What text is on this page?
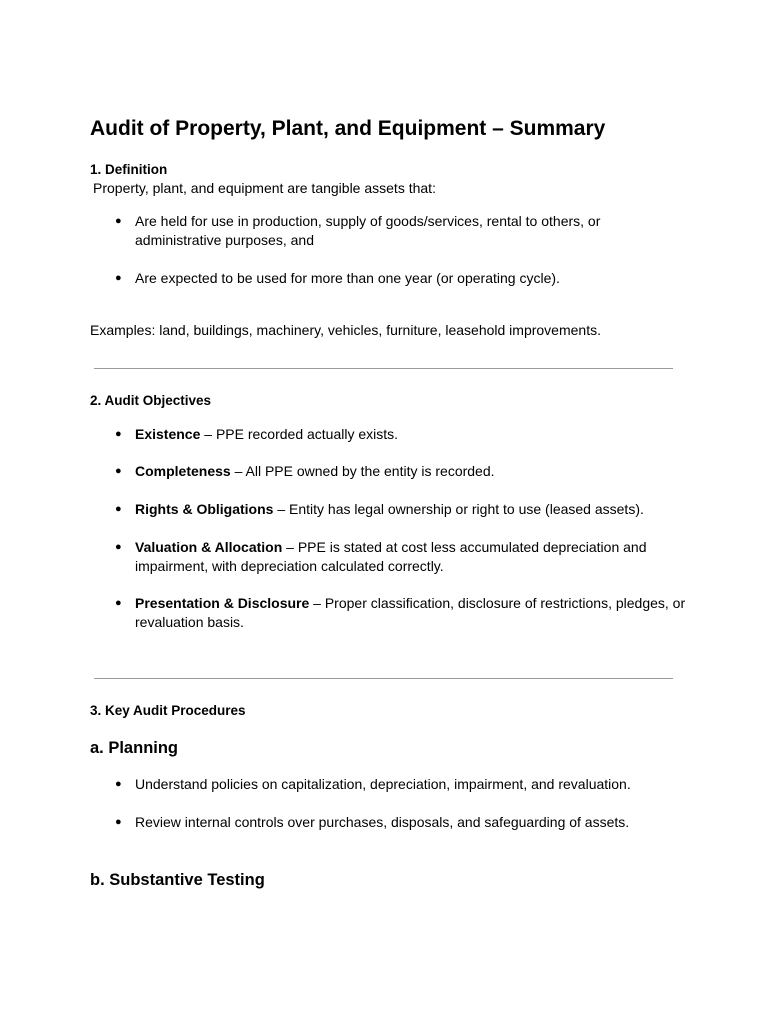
Audit of Property, Plant, and Equipment – Summary
1. Definition
Property, plant, and equipment are tangible assets that:
● Are held for use in production, supply of goods/services, rental to others, or administrative purposes, and
● Are expected to be used for more than one year (or operating cycle).
Examples: land, buildings, machinery, vehicles, furniture, leasehold improvements.
2. Audit Objectives
● Existence – PPE recorded actually exists.
● Completeness – All PPE owned by the entity is recorded.
● Rights & Obligations – Entity has legal ownership or right to use (leased assets).
● Valuation & Allocation – PPE is stated at cost less accumulated depreciation and impairment, with depreciation calculated correctly.
● Presentation & Disclosure – Proper classification, disclosure of restrictions, pledges, or revaluation basis.
3. Key Audit Procedures
a. Planning
● Understand policies on capitalization, depreciation, impairment, and revaluation.
● Review internal controls over purchases, disposals, and safeguarding of assets.
b. Substantive Testing
